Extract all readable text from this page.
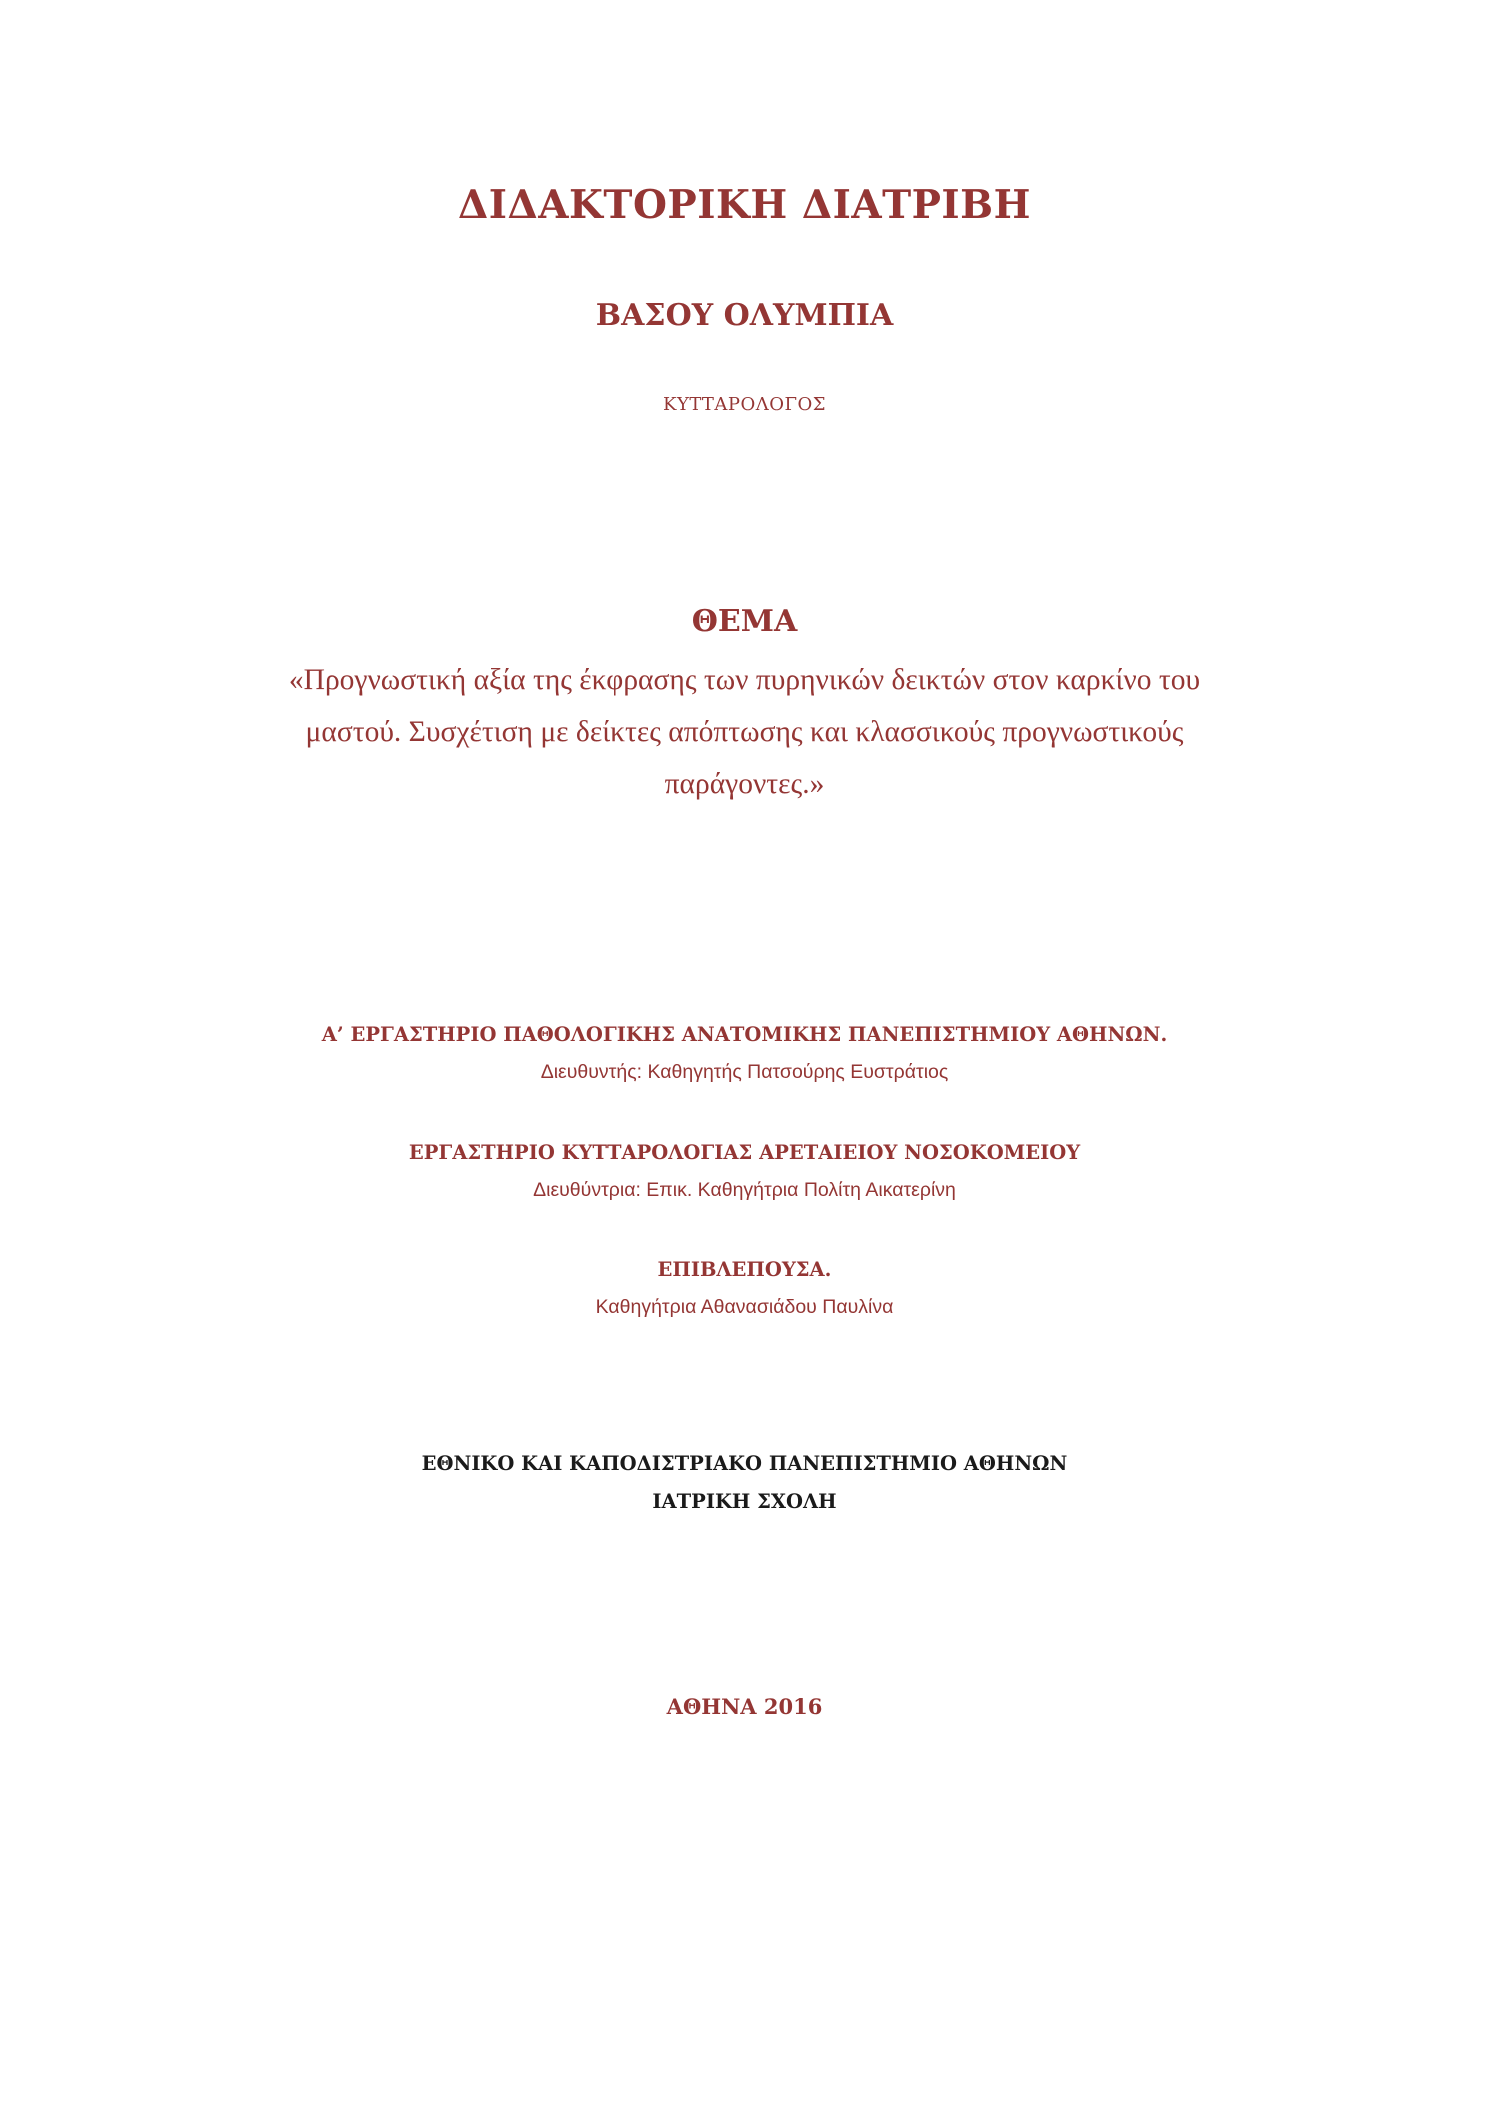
ΔΙΔΑΚΤΟΡΙΚΗ ΔΙΑΤΡΙΒΗ
ΒΑΣΟΥ ΟΛΥΜΠΙΑ
ΚΥΤΤΑΡΟΛΟΓΟΣ
ΘΕΜΑ
«Προγνωστική αξία της έκφρασης των πυρηνικών δεικτών στον καρκίνο του
μαστού. Συσχέτιση με δείκτες απόπτωσης και κλασσικούς προγνωστικούς
παράγοντες.»
Α’ ΕΡΓΑΣΤΗΡΙΟ ΠΑΘΟΛΟΓΙΚΗΣ ΑΝΑΤΟΜΙΚΗΣ ΠΑΝΕΠΙΣΤΗΜΙΟΥ ΑΘΗΝΩΝ.
Διευθυντής: Καθηγητής Πατσούρης Ευστράτιος
ΕΡΓΑΣΤΗΡΙΟ ΚΥΤΤΑΡΟΛΟΓΙΑΣ ΑΡΕΤΑΙΕΙΟΥ ΝΟΣΟΚΟΜΕΙΟΥ
Διευθύντρια: Επικ. Καθηγήτρια Πολίτη Αικατερίνη
ΕΠΙΒΛΕΠΟΥΣΑ.
Καθηγήτρια Αθανασιάδου Παυλίνα
ΕΘΝΙΚΟ ΚΑΙ ΚΑΠΟΔΙΣΤΡΙΑΚΟ ΠΑΝΕΠΙΣΤΗΜΙΟ ΑΘΗΝΩΝ
ΙΑΤΡΙΚΗ ΣΧΟΛΗ
ΑΘΗΝΑ 2016
